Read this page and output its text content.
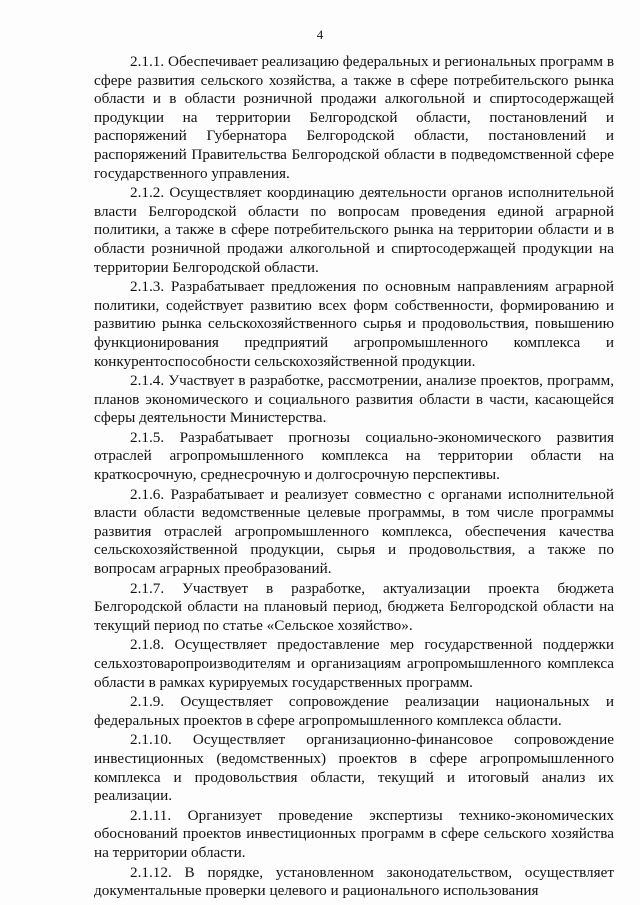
4

2.1.1. Обеспечивает реализацию федеральных и региональных программ в сфере развития сельского хозяйства, а также в сфере потребительского рынка области и в области розничной продажи алкогольной и спиртосодержащей продукции на территории Белгородской области, постановлений и распоряжений Губернатора Белгородской области, постановлений и распоряжений Правительства Белгородской области в подведомственной сфере государственного управления.

2.1.2. Осуществляет координацию деятельности органов исполнительной власти Белгородской области по вопросам проведения единой аграрной политики, а также в сфере потребительского рынка на территории области и в области розничной продажи алкогольной и спиртосодержащей продукции на территории Белгородской области.

2.1.3. Разрабатывает предложения по основным направлениям аграрной политики, содействует развитию всех форм собственности, формированию и развитию рынка сельскохозяйственного сырья и продовольствия, повышению функционирования предприятий агропромышленного комплекса и конкурентоспособности сельскохозяйственной продукции.

2.1.4. Участвует в разработке, рассмотрении, анализе проектов, программ, планов экономического и социального развития области в части, касающейся сферы деятельности Министерства.

2.1.5. Разрабатывает прогнозы социально-экономического развития отраслей агропромышленного комплекса на территории области на краткосрочную, среднесрочную и долгосрочную перспективы.

2.1.6. Разрабатывает и реализует совместно с органами исполнительной власти области ведомственные целевые программы, в том числе программы развития отраслей агропромышленного комплекса, обеспечения качества сельскохозяйственной продукции, сырья и продовольствия, а также по вопросам аграрных преобразований.

2.1.7. Участвует в разработке, актуализации проекта бюджета Белгородской области на плановый период, бюджета Белгородской области на текущий период по статье «Сельское хозяйство».

2.1.8. Осуществляет предоставление мер государственной поддержки сельхозтоваропроизводителям и организациям агропромышленного комплекса области в рамках курируемых государственных программ.

2.1.9. Осуществляет сопровождение реализации национальных и федеральных проектов в сфере агропромышленного комплекса области.

2.1.10. Осуществляет организационно-финансовое сопровождение инвестиционных (ведомственных) проектов в сфере агропромышленного комплекса и продовольствия области, текущий и итоговый анализ их реализации.

2.1.11. Организует проведение экспертизы технико-экономических обоснований проектов инвестиционных программ в сфере сельского хозяйства на территории области.

2.1.12. В порядке, установленном законодательством, осуществляет документальные проверки целевого и рационального использования
